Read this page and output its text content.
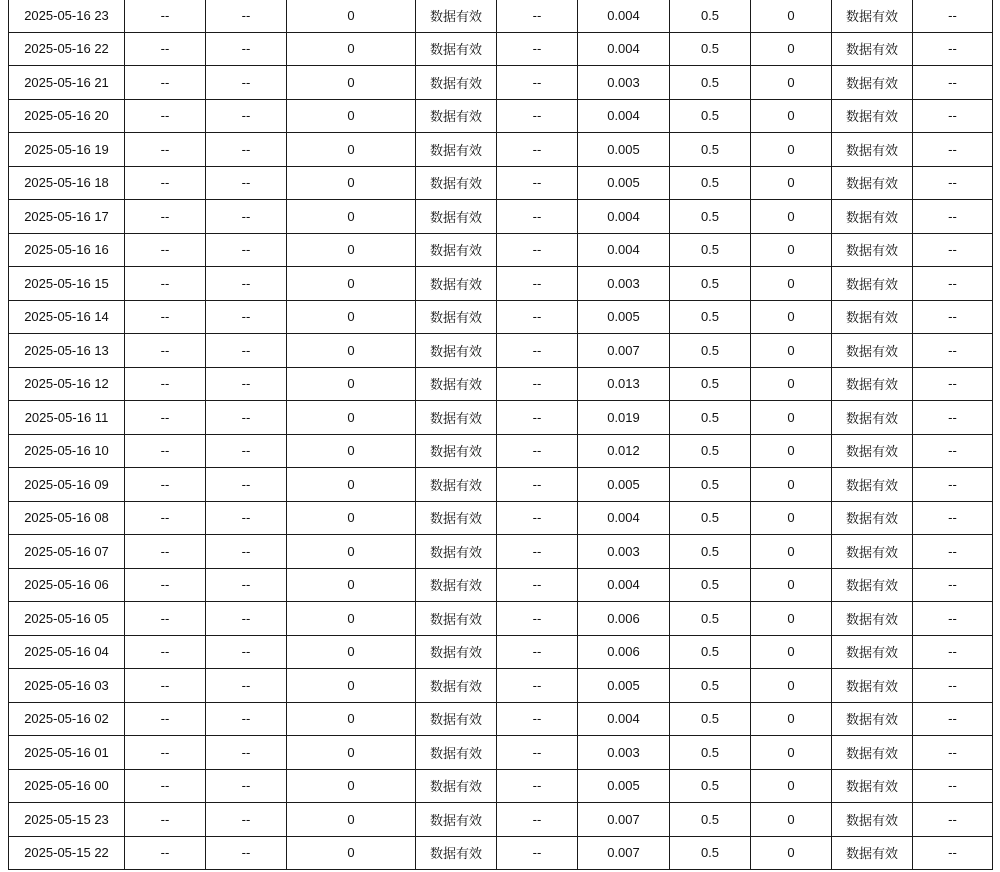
2025-05-16 23	--	--	0	数据有效	--	0.004	0.5	0	数据有效	--
2025-05-16 22	--	--	0	数据有效	--	0.004	0.5	0	数据有效	--
2025-05-16 21	--	--	0	数据有效	--	0.003	0.5	0	数据有效	--
2025-05-16 20	--	--	0	数据有效	--	0.004	0.5	0	数据有效	--
2025-05-16 19	--	--	0	数据有效	--	0.005	0.5	0	数据有效	--
2025-05-16 18	--	--	0	数据有效	--	0.005	0.5	0	数据有效	--
2025-05-16 17	--	--	0	数据有效	--	0.004	0.5	0	数据有效	--
2025-05-16 16	--	--	0	数据有效	--	0.004	0.5	0	数据有效	--
2025-05-16 15	--	--	0	数据有效	--	0.003	0.5	0	数据有效	--
2025-05-16 14	--	--	0	数据有效	--	0.005	0.5	0	数据有效	--
2025-05-16 13	--	--	0	数据有效	--	0.007	0.5	0	数据有效	--
2025-05-16 12	--	--	0	数据有效	--	0.013	0.5	0	数据有效	--
2025-05-16 11	--	--	0	数据有效	--	0.019	0.5	0	数据有效	--
2025-05-16 10	--	--	0	数据有效	--	0.012	0.5	0	数据有效	--
2025-05-16 09	--	--	0	数据有效	--	0.005	0.5	0	数据有效	--
2025-05-16 08	--	--	0	数据有效	--	0.004	0.5	0	数据有效	--
2025-05-16 07	--	--	0	数据有效	--	0.003	0.5	0	数据有效	--
2025-05-16 06	--	--	0	数据有效	--	0.004	0.5	0	数据有效	--
2025-05-16 05	--	--	0	数据有效	--	0.006	0.5	0	数据有效	--
2025-05-16 04	--	--	0	数据有效	--	0.006	0.5	0	数据有效	--
2025-05-16 03	--	--	0	数据有效	--	0.005	0.5	0	数据有效	--
2025-05-16 02	--	--	0	数据有效	--	0.004	0.5	0	数据有效	--
2025-05-16 01	--	--	0	数据有效	--	0.003	0.5	0	数据有效	--
2025-05-16 00	--	--	0	数据有效	--	0.005	0.5	0	数据有效	--
2025-05-15 23	--	--	0	数据有效	--	0.007	0.5	0	数据有效	--
2025-05-15 22	--	--	0	数据有效	--	0.007	0.5	0	数据有效	--
